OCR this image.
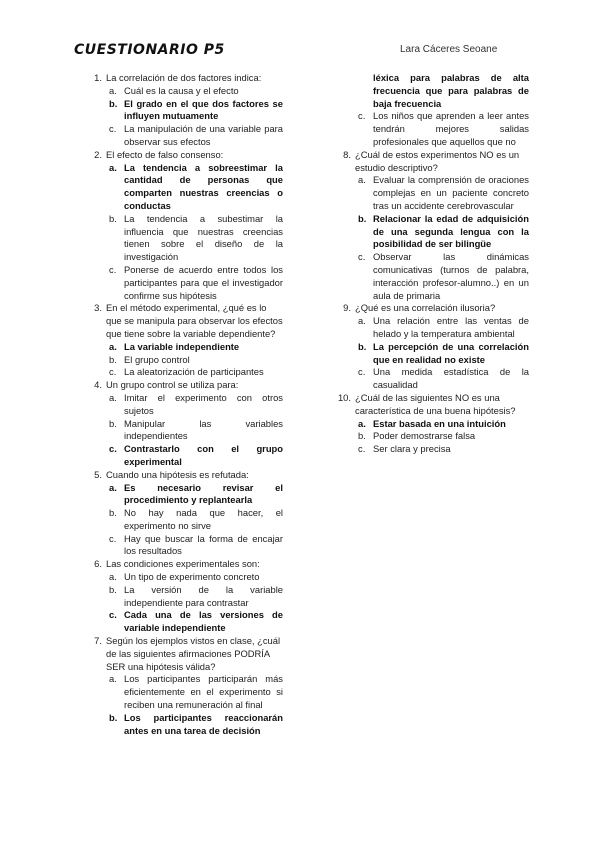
CUESTIONARIO P5	Lara Cáceres Seoane
1. La correlación de dos factores indica:
a. Cuál es la causa y el efecto
b. El grado en el que dos factores se influyen mutuamente
c. La manipulación de una variable para observar sus efectos
2. El efecto de falso consenso:
a. La tendencia a sobreestimar la cantidad de personas que comparten nuestras creencias o conductas
b. La tendencia a subestimar la influencia que nuestras creencias tienen sobre el diseño de la investigación
c. Ponerse de acuerdo entre todos los participantes para que el investigador confirme sus hipótesis
3. En el método experimental, ¿qué es lo que se manipula para observar los efectos que tiene sobre la variable dependiente?
a. La variable independiente
b. El grupo control
c. La aleatorización de participantes
4. Un grupo control se utiliza para:
a. Imitar el experimento con otros sujetos
b. Manipular las variables independientes
c. Contrastarlo con el grupo experimental
5. Cuando una hipótesis es refutada:
a. Es necesario revisar el procedimiento y replantearla
b. No hay nada que hacer, el experimento no sirve
c. Hay que buscar la forma de encajar los resultados
6. Las condiciones experimentales son:
a. Un tipo de experimento concreto
b. La versión de la variable independiente para contrastar
c. Cada una de las versiones de variable independiente
7. Según los ejemplos vistos en clase, ¿cuál de las siguientes afirmaciones PODRÍA SER una hipótesis válida?
a. Los participantes participarán más eficientemente en el experimento si reciben una remuneración al final
b. Los participantes reaccionarán antes en una tarea de decisión
léxica para palabras de alta frecuencia que para palabras de baja frecuencia
c. Los niños que aprenden a leer antes tendrán mejores salidas profesionales que aquellos que no
8. ¿Cuál de estos experimentos NO es un estudio descriptivo?
a. Evaluar la comprensión de oraciones complejas en un paciente concreto tras un accidente cerebrovascular
b. Relacionar la edad de adquisición de una segunda lengua con la posibilidad de ser bilingüe
c. Observar las dinámicas comunicativas (turnos de palabra, interacción profesor-alumno..) en un aula de primaria
9. ¿Qué es una correlación ilusoria?
a. Una relación entre las ventas de helado y la temperatura ambiental
b. La percepción de una correlación que en realidad no existe
c. Una medida estadística de la casualidad
10. ¿Cuál de las siguientes NO es una característica de una buena hipótesis?
a. Estar basada en una intuición
b. Poder demostrarse falsa
c. Ser clara y precisa
